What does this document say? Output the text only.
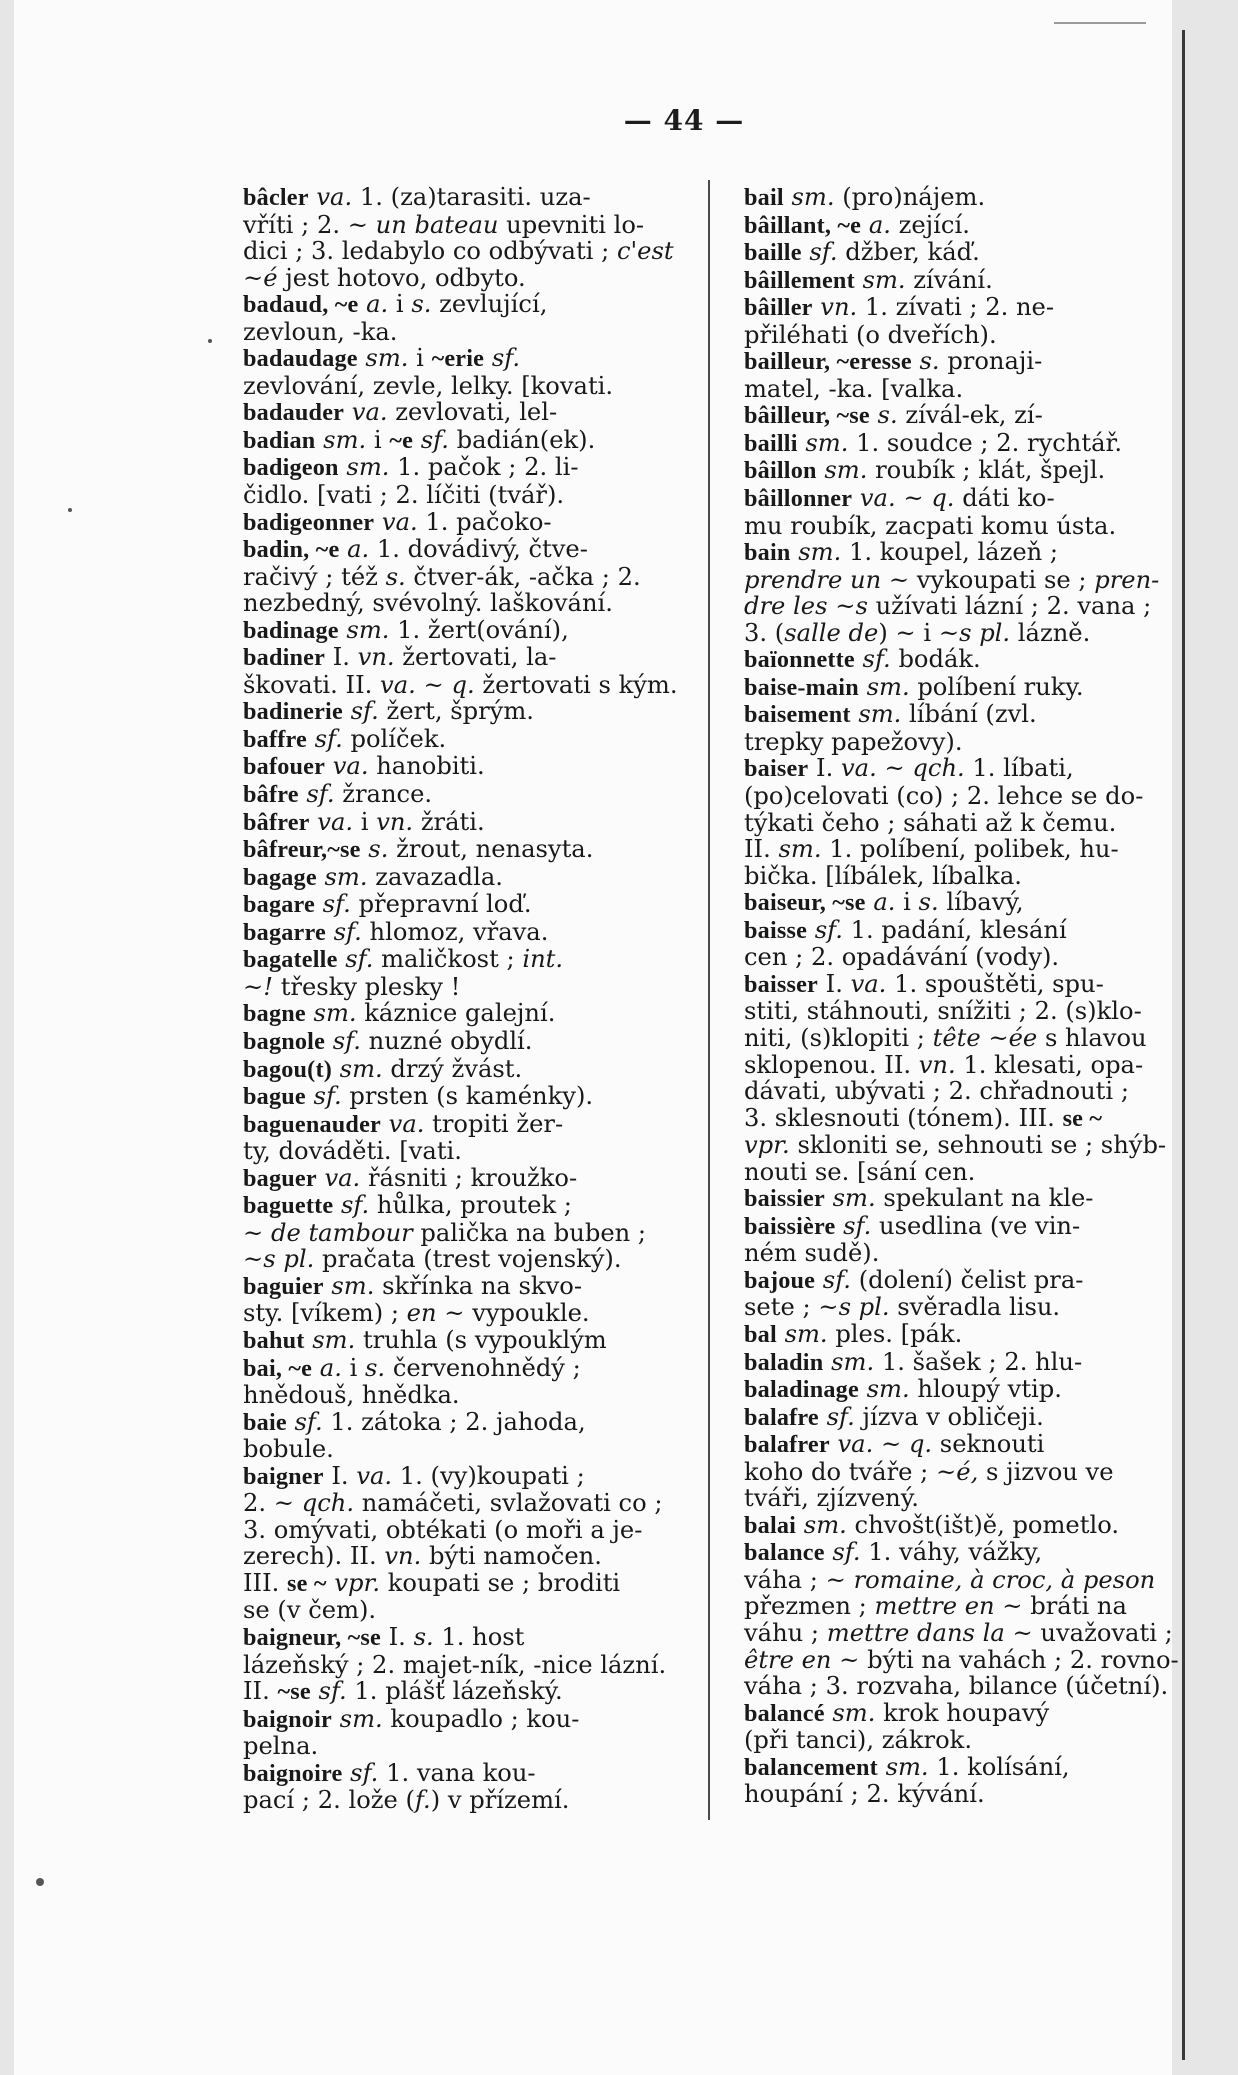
— 44 —
bâcler va. 1. (za)tarasiti. uza-
vříti ; 2. ~ un bateau upevniti lo-
dici ; 3. ledabylo co odbývati ; c'est
~é jest hotovo, odbyto.
badaud, ~e a. i s. zevlující,
zevloun, -ka.
badaudage sm. i ~erie sf.
zevlování, zevle, lelky. [kovati.
badauder va. zevlovati, lel-
badian sm. i ~e sf. badián(ek).
badigeon sm. 1. pačok ; 2. li-
čidlo. [vati ; 2. líčiti (tvář).
badigeonner va. 1. pačoko-
badin, ~e a. 1. dovádivý, čtve-
račivý ; též s. čtver-ák, -ačka ; 2.
nezbedný, svévolný. laškování.
badinage sm. 1. žert(ování),
badiner I. vn. žertovati, la-
škovati. II. va. ~ q. žertovati s kým.
badinerie sf. žert, šprým.
baffre sf. políček.
bafouer va. hanobiti.
bâfre sf. žrance.
bâfrer va. i vn. žráti.
bâfreur,~se s. žrout, nenasyta.
bagage sm. zavazadla.
bagare sf. přepravní loď.
bagarre sf. hlomoz, vřava.
bagatelle sf. maličkost ; int.
~! třesky plesky !
bagne sm. káznice galejní.
bagnole sf. nuzné obydlí.
bagou(t) sm. drzý žvást.
bague sf. prsten (s kaménky).
baguenauder va. tropiti žer-
ty, dováděti. [vati.
baguer va. řásniti ; kroužko-
baguette sf. hůlka, proutek ;
~ de tambour palička na buben ;
~s pl. pračata (trest vojenský).
baguier sm. skřínka na skvo-
sty. [víkem) ; en ~ vypoukle.
bahut sm. truhla (s vypouklým
bai, ~e a. i s. červenohnědý ;
hnědouš, hnědka.
baie sf. 1. zátoka ; 2. jahoda,
bobule.
baigner I. va. 1. (vy)koupati ;
2. ~ qch. namáčeti, svlažovati co ;
3. omývati, obtékati (o moři a je-
zerech). II. vn. býti namočen.
III. se ~ vpr. koupati se ; broditi
se (v čem).
baigneur, ~se I. s. 1. host
lázeňský ; 2. majet-ník, -nice lázní.
II. ~se sf. 1. plášť lázeňský.
baignoir sm. koupadlo ; kou-
pelna.
baignoire sf. 1. vana kou-
pací ; 2. lože (f.) v přízemí.
bail sm. (pro)nájem.
bâillant, ~e a. zející.
baille sf. džber, káď.
bâillement sm. zívání.
bâiller vn. 1. zívati ; 2. ne-
přiléhati (o dveřích).
bailleur, ~eresse s. pronaji-
matel, -ka. [valka.
bâilleur, ~se s. zívál-ek, zí-
bailli sm. 1. soudce ; 2. rychtář.
bâillon sm. roubík ; klát, špejl.
bâillonner va. ~ q. dáti ko-
mu roubík, zacpati komu ústa.
bain sm. 1. koupel, lázeň ;
prendre un ~ vykoupati se ; pren-
dre les ~s užívati lázní ; 2. vana ;
3. (salle de) ~ i ~s pl. lázně.
baïonnette sf. bodák.
baise-main sm. políbení ruky.
baisement sm. líbání (zvl.
trepky papežovy).
baiser I. va. ~ qch. 1. líbati,
(po)celovati (co) ; 2. lehce se do-
týkati čeho ; sáhati až k čemu.
II. sm. 1. políbení, polibek, hu-
bička. [líbálek, líbalka.
baiseur, ~se a. i s. líbavý,
baisse sf. 1. padání, klesání
cen ; 2. opadávání (vody).
baisser I. va. 1. spouštěti, spu-
stiti, stáhnouti, snížiti ; 2. (s)klo-
niti, (s)klopiti ; tête ~ée s hlavou
sklopenou. II. vn. 1. klesati, opa-
dávati, ubývati ; 2. chřadnouti ;
3. sklesnouti (tónem). III. se ~
vpr. skloniti se, sehnouti se ; shýb-
nouti se. [sání cen.
baissier sm. spekulant na kle-
baissière sf. usedlina (ve vin-
ném sudě).
bajoue sf. (dolení) čelist pra-
sete ; ~s pl. svěradla lisu.
bal sm. ples. [pák.
baladin sm. 1. šašek ; 2. hlu-
baladinage sm. hloupý vtip.
balafre sf. jízva v obličeji.
balafrer va. ~ q. seknouti
koho do tváře ; ~é, s jizvou ve
tváři, zjízvený.
balai sm. chvošt(išt)ě, pometlo.
balance sf. 1. váhy, vážky,
váha ; ~ romaine, à croc, à peson
přezmen ; mettre en ~ bráti na
váhu ; mettre dans la ~ uvažovati ;
être en ~ býti na vahách ; 2. rovno-
váha ; 3. rozvaha, bilance (účetní).
balancé sm. krok houpavý
(při tanci), zákrok.
balancement sm. 1. kolísání,
houpání ; 2. kývání.
